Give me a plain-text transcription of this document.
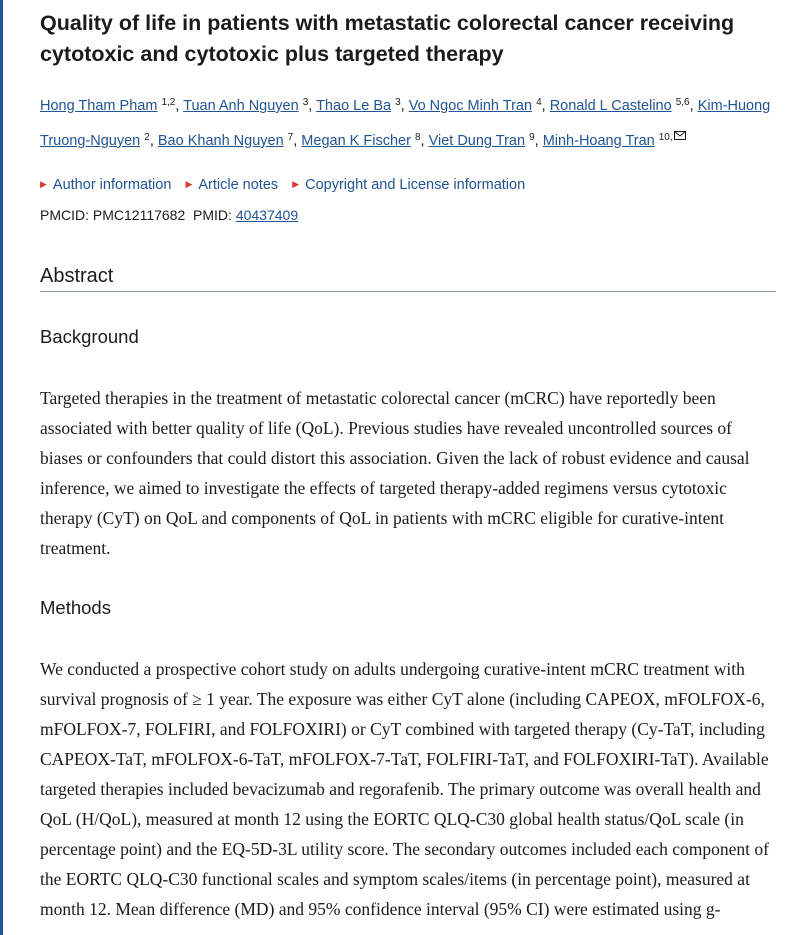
Quality of life in patients with metastatic colorectal cancer receiving cytotoxic and cytotoxic plus targeted therapy

Hong Tham Pham $^{1,2}$, Tuan Anh Nguyen $^3$, Thao Le Ba $^3$, Vo Ngoc Minh Tran $^4$, Ronald L Castelino $^{5,6}$, Kim-Huong Truong-Nguyen $^2$, Bao Khanh Nguyen $^7$, Megan K Fischer $^8$, Viet Dung Tran $^9$, Minh-Hoang Tran $^{10,}$

▶ Author information ▶ Article notes ▶ Copyright and License information
PMCID: PMC12117682 PMID: 40437409
Abstract
Background

Targeted therapies in the treatment of metastatic colorectal cancer (mCRC) have reportedly been associated with better quality of life (QoL). Previous studies have revealed uncontrolled sources of biases or confounders that could distort this association. Given the lack of robust evidence and causal inference, we aimed to investigate the effects of targeted therapy-added regimens versus cytotoxic therapy (CyT) on QoL and components of QoL in patients with mCRC eligible for curative-intent treatment.

Methods

We conducted a prospective cohort study on adults undergoing curative-intent mCRC treatment with survival prognosis of ≥ 1 year. The exposure was either CyT alone (including CAPEOX, mFOLFOX-6, mFOLFOX-7, FOLFIRI, and FOLFOXIRI) or CyT combined with targeted therapy (Cy-TaT, including CAPEOX-TaT, mFOLFOX-6-TaT, mFOLFOX-7-TaT, FOLFIRI-TaT, and FOLFOXIRI-TaT). Available targeted therapies included bevacizumab and regorafenib. The primary outcome was overall health and QoL (H/QoL), measured at month 12 using the EORTC QLQ-C30 global health status/QoL scale (in percentage point) and the EQ-5D-3L utility score. The secondary outcomes included each component of the EORTC QLQ-C30 functional scales and symptom scales/items (in percentage point), measured at month 12. Mean difference (MD) and 95% confidence interval (95% CI) were estimated using g-
